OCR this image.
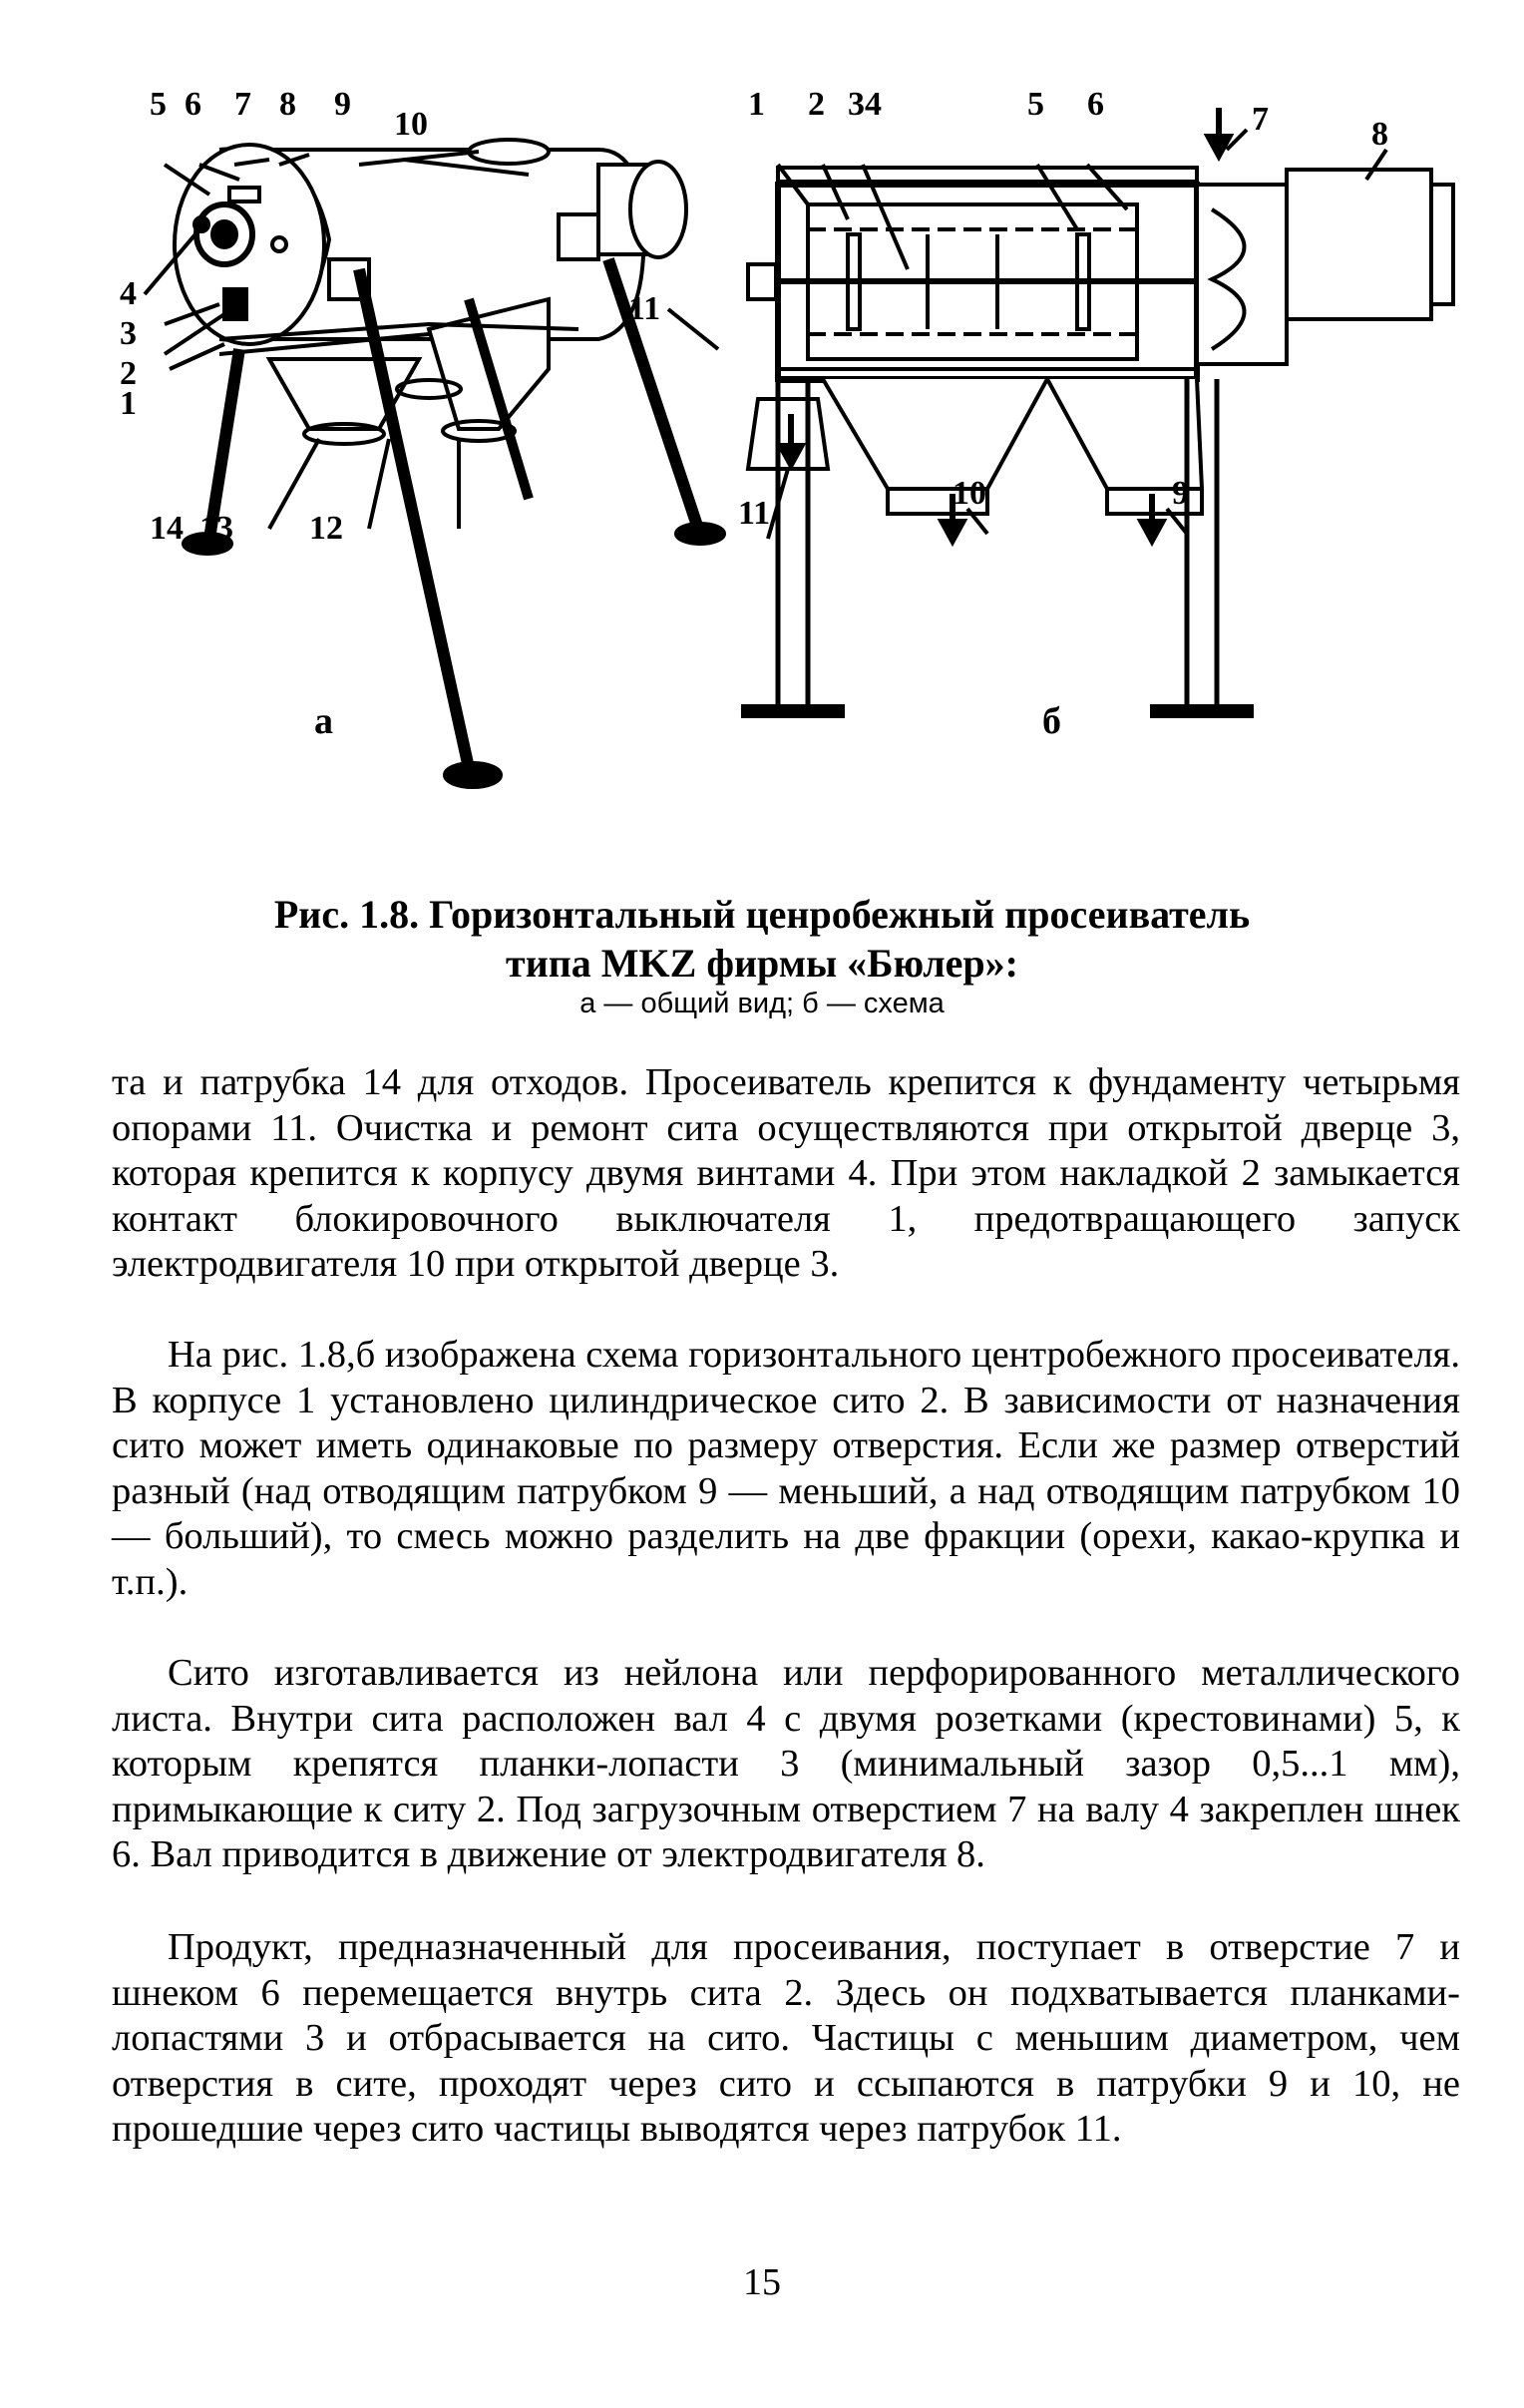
5 6 7 8 9
10
4
3
2
1
11
14 13 12
1 2 34	5 6	7	8
11
10	9
а	б
Рис. 1.8. Горизонтальный ценробежный просеиватель
типа MKZ фирмы «Бюлер»:
а — общий вид; б — схема

та и патрубка 14 для отходов. Просеиватель крепится к фундаменту четырьмя опорами 11. Очистка и ремонт сита осуществляются при открытой дверце 3, которая крепится к корпусу двумя винтами 4. При этом накладкой 2 замыкается контакт блокировочного выключателя 1, предотвращающего запуск электродвигателя 10 при открытой дверце 3.

На рис. 1.8,б изображена схема горизонтального центробежного просеивателя. В корпусе 1 установлено цилиндрическое сито 2. В зависимости от назначения сито может иметь одинаковые по размеру отверстия. Если же размер отверстий разный (над отводящим патрубком 9 — меньший, а над отводящим патрубком 10 — больший), то смесь можно разделить на две фракции (орехи, какао-крупка и т.п.).

Сито изготавливается из нейлона или перфорированного металлического листа. Внутри сита расположен вал 4 с двумя розетками (крестовинами) 5, к которым крепятся планки-лопасти 3 (минимальный зазор 0,5...1 мм), примыкающие к ситу 2. Под загрузочным отверстием 7 на валу 4 закреплен шнек 6. Вал приводится в движение от электродвигателя 8.

Продукт, предназначенный для просеивания, поступает в отверстие 7 и шнеком 6 перемещается внутрь сита 2. Здесь он подхватывается планками-лопастями 3 и отбрасывается на сито. Частицы с меньшим диаметром, чем отверстия в сите, проходят через сито и ссыпаются в патрубки 9 и 10, не прошедшие через сито частицы выводятся через патрубок 11.

15
